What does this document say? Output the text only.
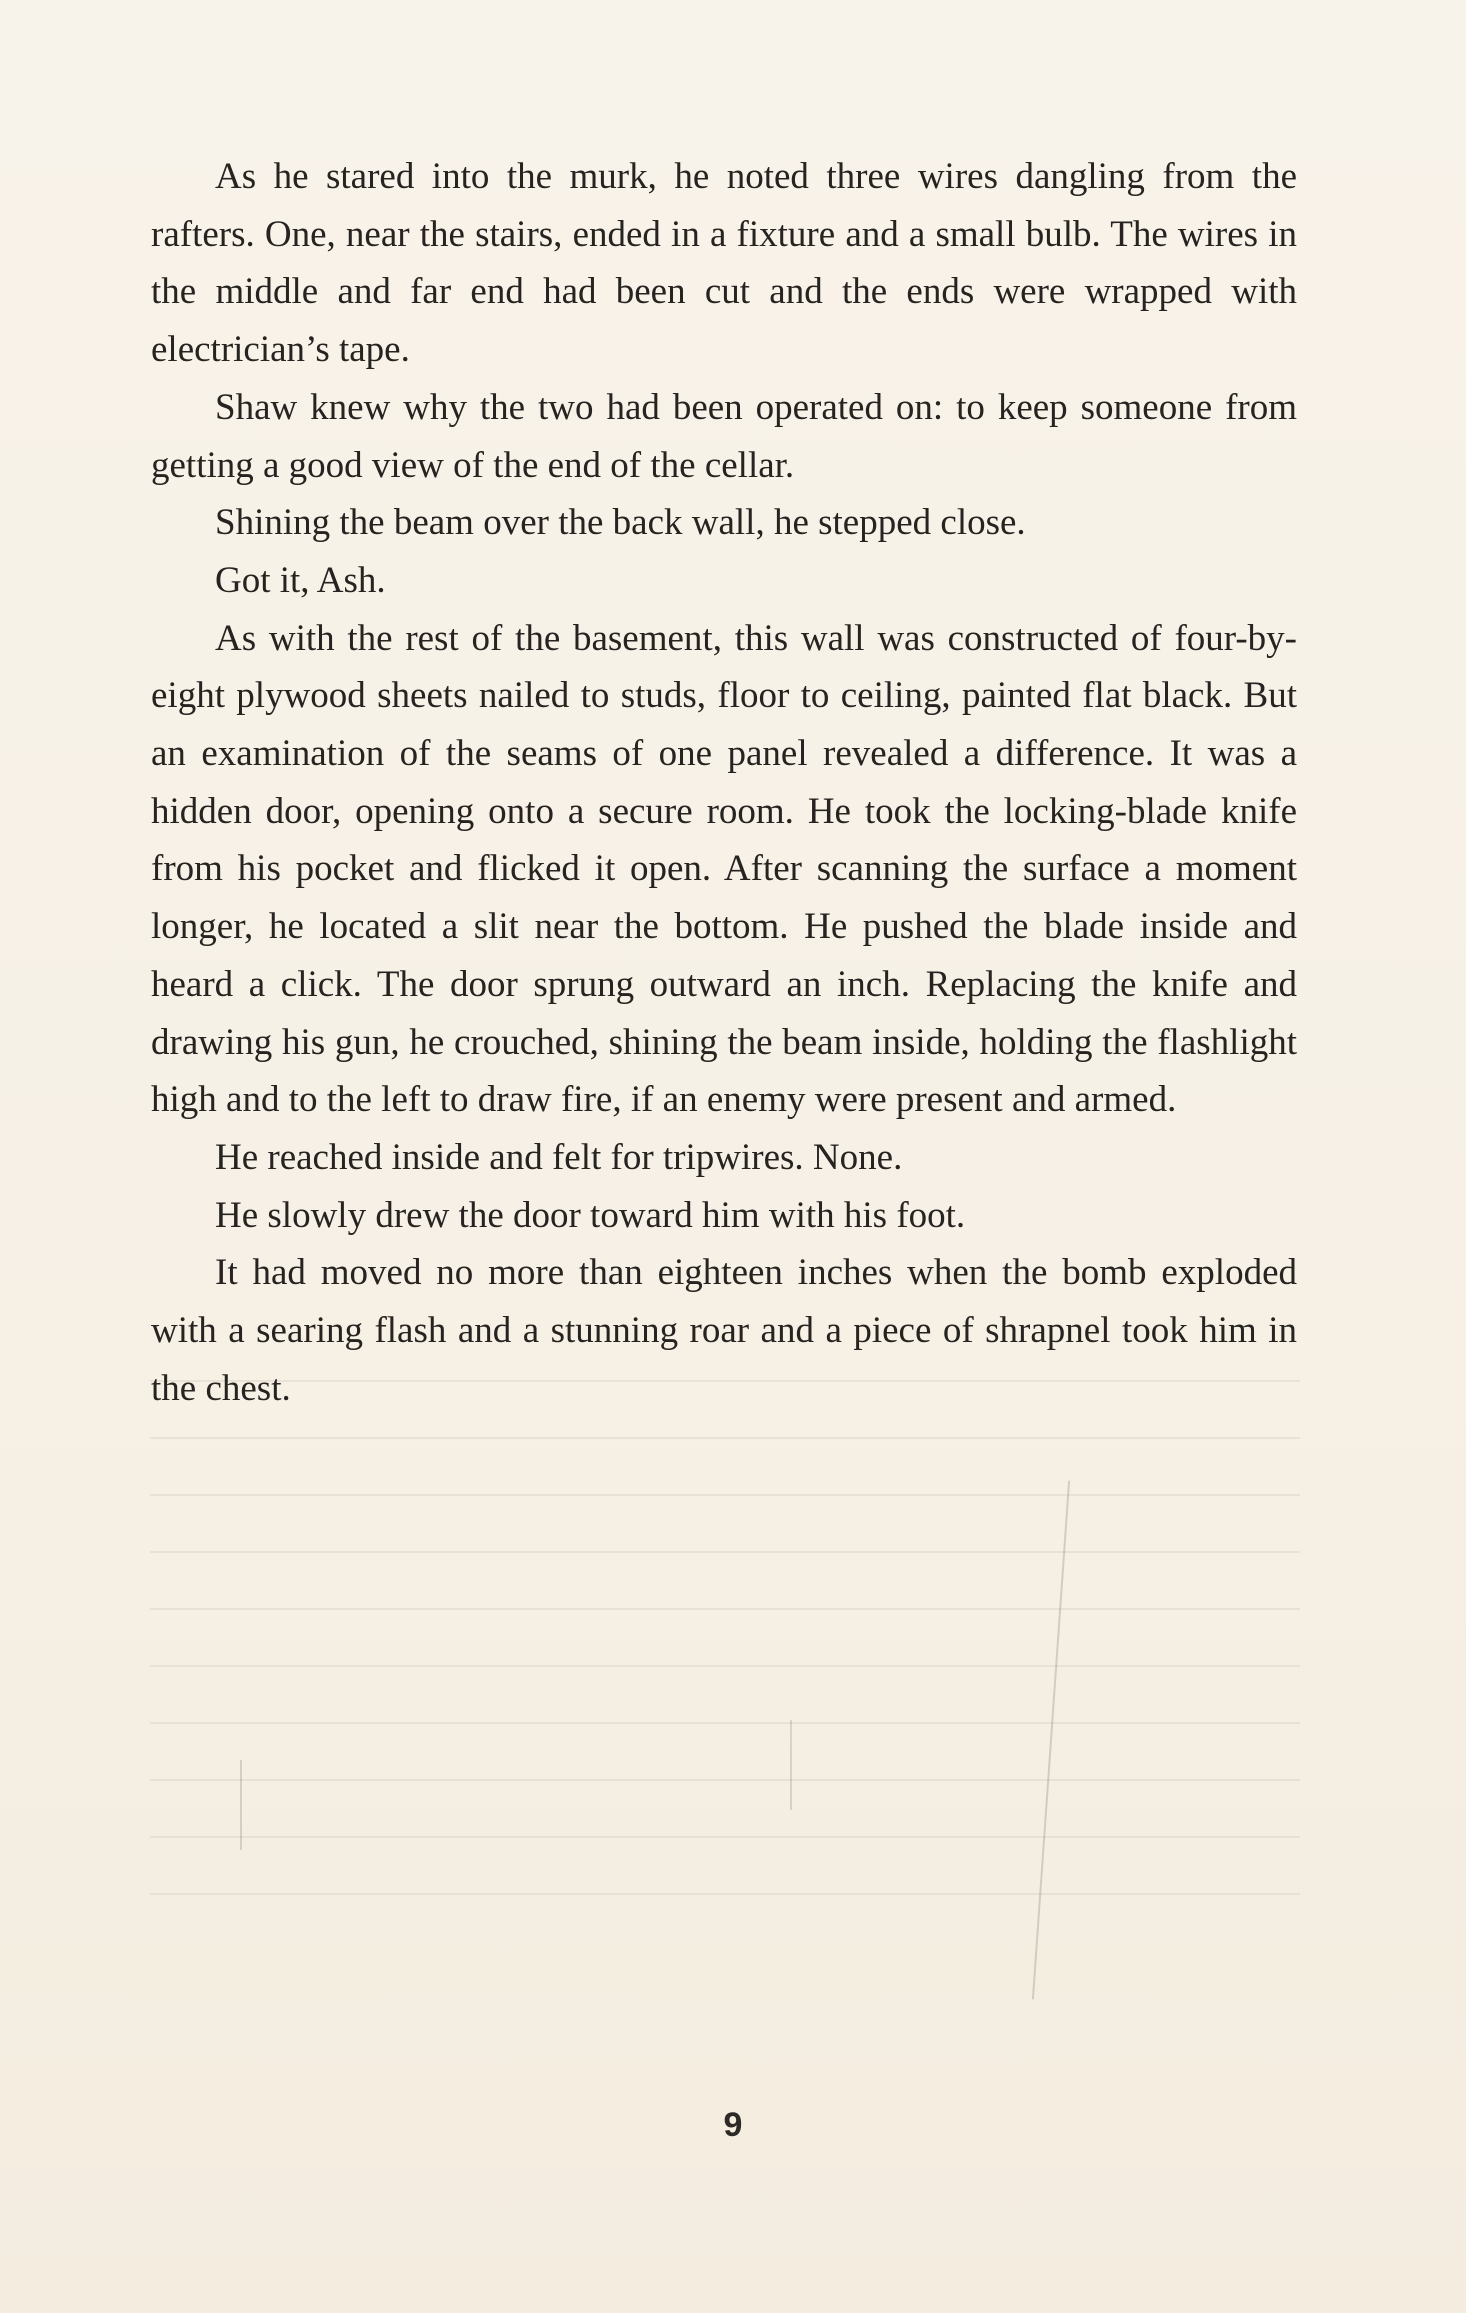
As he stared into the murk, he noted three wires dangling from the rafters. One, near the stairs, ended in a fixture and a small bulb. The wires in the middle and far end had been cut and the ends were wrapped with electrician’s tape.

Shaw knew why the two had been operated on: to keep someone from getting a good view of the end of the cellar.

Shining the beam over the back wall, he stepped close.

Got it, Ash.

As with the rest of the basement, this wall was constructed of four-by-eight plywood sheets nailed to studs, floor to ceiling, painted flat black. But an examination of the seams of one panel revealed a difference. It was a hidden door, opening onto a secure room. He took the locking-blade knife from his pocket and flicked it open. After scanning the surface a moment longer, he located a slit near the bottom. He pushed the blade inside and heard a click. The door sprung outward an inch. Replacing the knife and drawing his gun, he crouched, shining the beam inside, holding the flashlight high and to the left to draw fire, if an enemy were present and armed.

He reached inside and felt for tripwires. None.

He slowly drew the door toward him with his foot.

It had moved no more than eighteen inches when the bomb exploded with a searing flash and a stunning roar and a piece of shrapnel took him in the chest.

9
